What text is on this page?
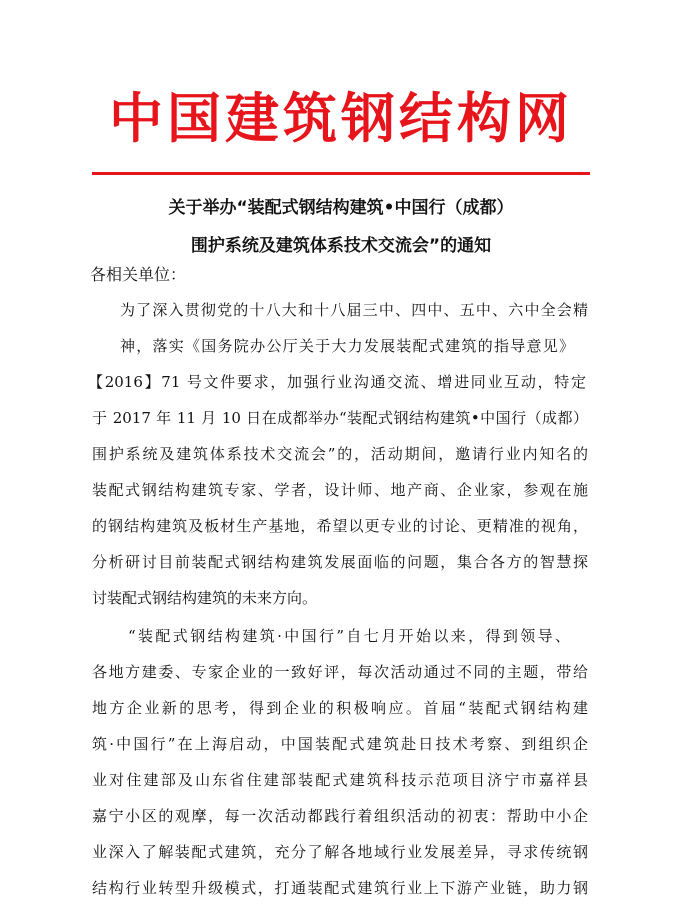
中国建筑钢结构网
关于举办“装配式钢结构建筑•中国行（成都）
围护系统及建筑体系技术交流会”的通知
各相关单位：
为了深入贯彻党的十八大和十八届三中、四中、五中、六中全会精
神，落实《国务院办公厅关于大力发展装配式建筑的指导意见》
【2016】71 号文件要求，加强行业沟通交流、增进同业互动，特定
于 2017 年 11 月 10 日在成都举办“装配式钢结构建筑•中国行（成都）
围护系统及建筑体系技术交流会”的，活动期间，邀请行业内知名的
装配式钢结构建筑专家、学者，设计师、地产商、企业家，参观在施
的钢结构建筑及板材生产基地，希望以更专业的讨论、更精准的视角，
分析研讨目前装配式钢结构建筑发展面临的问题，集合各方的智慧探
讨装配式钢结构建筑的未来方向。
“装配式钢结构建筑·中国行”自七月开始以来，得到领导、
各地方建委、专家企业的一致好评，每次活动通过不同的主题，带给
地方企业新的思考，得到企业的积极响应。首届“装配式钢结构建
筑·中国行”在上海启动，中国装配式建筑赴日技术考察、到组织企
业对住建部及山东省住建部装配式建筑科技示范项目济宁市嘉祥县
嘉宁小区的观摩，每一次活动都践行着组织活动的初衷：帮助中小企
业深入了解装配式建筑，充分了解各地域行业发展差异，寻求传统钢
结构行业转型升级模式，打通装配式建筑行业上下游产业链，助力钢
